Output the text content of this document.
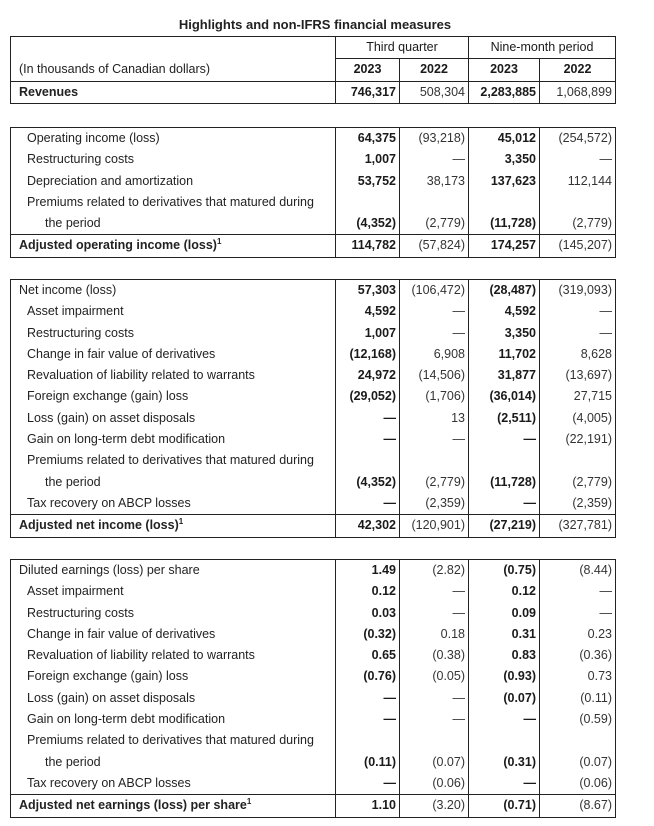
Highlights and non-IFRS financial measures
	Third quarter		Nine-month period	
(In thousands of Canadian dollars)	2023	2022	2023	2022
Revenues	746,317	508,304	2,283,885	1,068,899
Operating income (loss)	64,375	(93,218)	45,012	(254,572)
Restructuring costs	1,007	—	3,350	—
Depreciation and amortization	53,752	38,173	137,623	112,144
Premiums related to derivatives that matured during				
the period	(4,352)	(2,779)	(11,728)	(2,779)
Adjusted operating income (loss)$^1$	114,782	(57,824)	174,257	(145,207)
Net income (loss)	57,303	(106,472)	(28,487)	(319,093)
Asset impairment	4,592	—	4,592	—
Restructuring costs	1,007	—	3,350	—
Change in fair value of derivatives	(12,168)	6,908	11,702	8,628
Revaluation of liability related to warrants	24,972	(14,506)	31,877	(13,697)
Foreign exchange (gain) loss	(29,052)	(1,706)	(36,014)	27,715
Loss (gain) on asset disposals	—	13	(2,511)	(4,005)
Gain on long-term debt modification	—	—	—	(22,191)
Premiums related to derivatives that matured during				
the period	(4,352)	(2,779)	(11,728)	(2,779)
Tax recovery on ABCP losses	—	(2,359)	—	(2,359)
Adjusted net income (loss)$^1$	42,302	(120,901)	(27,219)	(327,781)
Diluted earnings (loss) per share	1.49	(2.82)	(0.75)	(8.44)
Asset impairment	0.12	—	0.12	—
Restructuring costs	0.03	—	0.09	—
Change in fair value of derivatives	(0.32)	0.18	0.31	0.23
Revaluation of liability related to warrants	0.65	(0.38)	0.83	(0.36)
Foreign exchange (gain) loss	(0.76)	(0.05)	(0.93)	0.73
Loss (gain) on asset disposals	—	—	(0.07)	(0.11)
Gain on long-term debt modification	—	—	—	(0.59)
Premiums related to derivatives that matured during				
the period	(0.11)	(0.07)	(0.31)	(0.07)
Tax recovery on ABCP losses	—	(0.06)	—	(0.06)
Adjusted net earnings (loss) per share$^1$	1.10	(3.20)	(0.71)	(8.67)
